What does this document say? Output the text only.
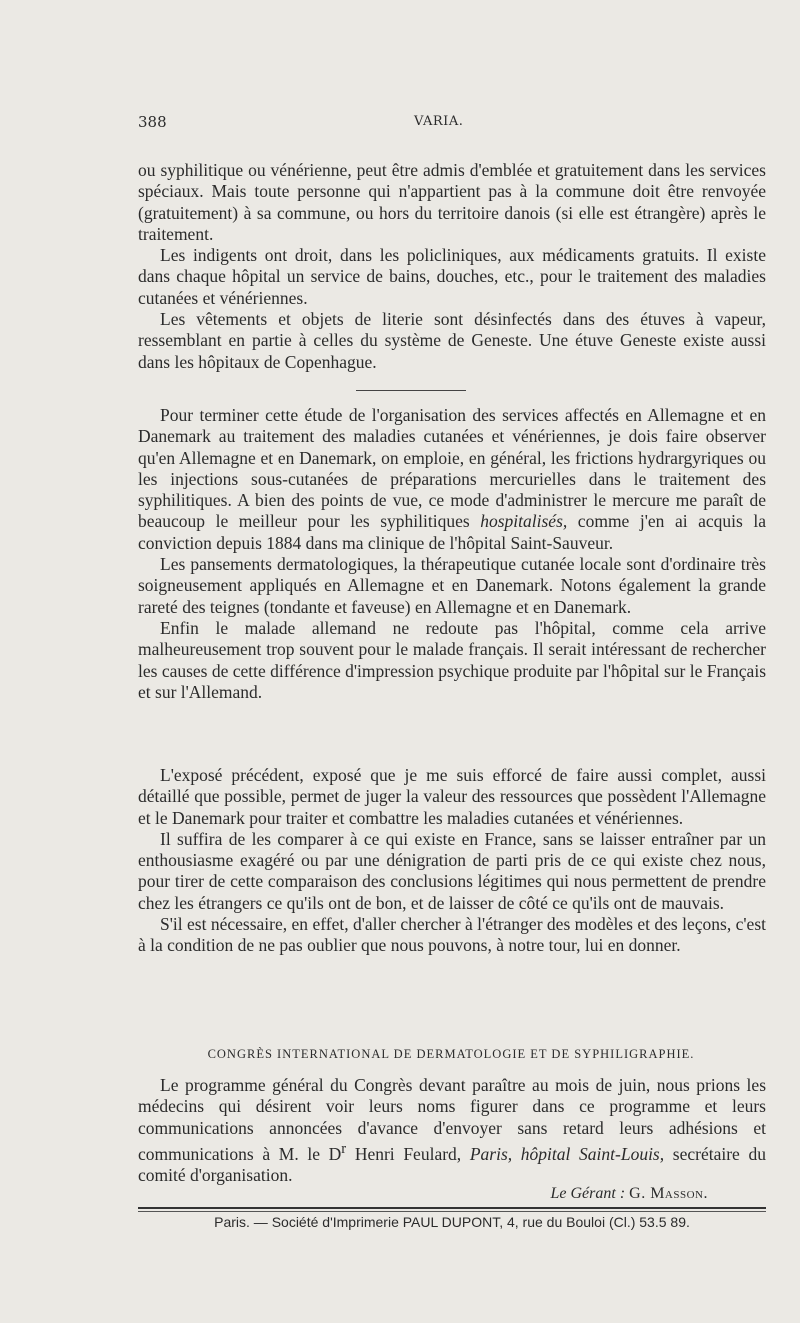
388	VARIA.

ou syphilitique ou vénérienne, peut être admis d'emblée et gratuitement dans les services spéciaux. Mais toute personne qui n'appartient pas à la commune doit être renvoyée (gratuitement) à sa commune, ou hors du territoire danois (si elle est étrangère) après le traitement.

Les indigents ont droit, dans les policliniques, aux médicaments gratuits. Il existe dans chaque hôpital un service de bains, douches, etc., pour le traitement des maladies cutanées et vénériennes.

Les vêtements et objets de literie sont désinfectés dans des étuves à vapeur, ressemblant en partie à celles du système de Geneste. Une étuve Geneste existe aussi dans les hôpitaux de Copenhague.

Pour terminer cette étude de l'organisation des services affectés en Allemagne et en Danemark au traitement des maladies cutanées et vénériennes, je dois faire observer qu'en Allemagne et en Danemark, on emploie, en général, les frictions hydrargyriques ou les injections sous-cutanées de préparations mercurielles dans le traitement des syphilitiques. A bien des points de vue, ce mode d'administrer le mercure me paraît de beaucoup le meilleur pour les syphilitiques hospitalisés, comme j'en ai acquis la conviction depuis 1884 dans ma clinique de l'hôpital Saint-Sauveur.

Les pansements dermatologiques, la thérapeutique cutanée locale sont d'ordinaire très soigneusement appliqués en Allemagne et en Danemark. Notons également la grande rareté des teignes (tondante et faveuse) en Allemagne et en Danemark.

Enfin le malade allemand ne redoute pas l'hôpital, comme cela arrive malheureusement trop souvent pour le malade français. Il serait intéressant de rechercher les causes de cette différence d'impression psychique produite par l'hôpital sur le Français et sur l'Allemand.

L'exposé précédent, exposé que je me suis efforcé de faire aussi complet, aussi détaillé que possible, permet de juger la valeur des ressources que possèdent l'Allemagne et le Danemark pour traiter et combattre les maladies cutanées et vénériennes.

Il suffira de les comparer à ce qui existe en France, sans se laisser entraîner par un enthousiasme exagéré ou par une dénigration de parti pris de ce qui existe chez nous, pour tirer de cette comparaison des conclusions légitimes qui nous permettent de prendre chez les étrangers ce qu'ils ont de bon, et de laisser de côté ce qu'ils ont de mauvais.

S'il est nécessaire, en effet, d'aller chercher à l'étranger des modèles et des leçons, c'est à la condition de ne pas oublier que nous pouvons, à notre tour, lui en donner.

CONGRÈS INTERNATIONAL DE DERMATOLOGIE ET DE SYPHILIGRAPHIE.

Le programme général du Congrès devant paraître au mois de juin, nous prions les médecins qui désirent voir leurs noms figurer dans ce programme et leurs communications annoncées d'avance d'envoyer sans retard leurs adhésions et communications à M. le $D^r$ Henri Feulard, Paris, hôpital Saint-Louis, secrétaire du comité d'organisation.

Le Gérant : G. Masson.
Paris. — Société d'Imprimerie PAUL DUPONT, 4, rue du Bouloi (Cl.) 53.5 89.
